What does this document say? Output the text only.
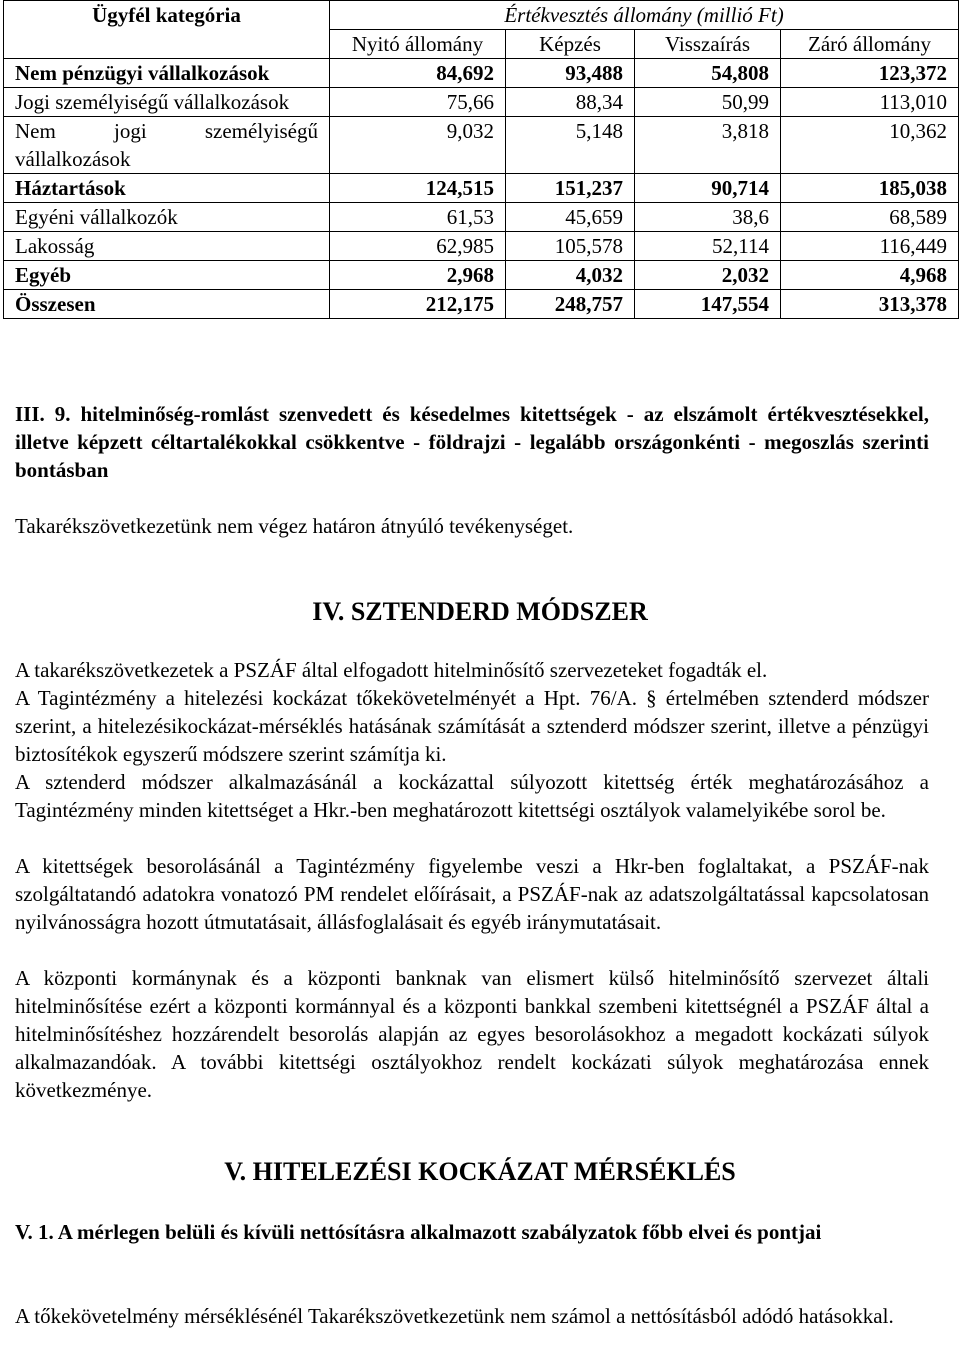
Ügyfél kategória	Értékvesztés állomány (millió Ft)			
	Nyitó állomány	Képzés	Visszaírás	Záró állomány
Nem pénzügyi vállalkozások	84,692	93,488	54,808	123,372
Jogi személyiségű vállalkozások	75,66	88,34	50,99	113,010
Nem jogi személyiségű vállalkozások	9,032	5,148	3,818	10,362
Háztartások	124,515	151,237	90,714	185,038
Egyéni vállalkozók	61,53	45,659	38,6	68,589
Lakosság	62,985	105,578	52,114	116,449
Egyéb	2,968	4,032	2,032	4,968
Összesen	212,175	248,757	147,554	313,378

III. 9. hitelminőség-romlást szenvedett és késedelmes kitettségek - az elszámolt értékvesztésekkel, illetve képzett céltartalékokkal csökkentve - földrajzi - legalább országonkénti - megoszlás szerinti bontásban

Takarékszövetkezetünk nem végez határon átnyúló tevékenységet.

IV. SZTENDERD MÓDSZER

A takarékszövetkezetek a PSZÁF által elfogadott hitelminősítő szervezeteket fogadták el.

A Tagintézmény a hitelezési kockázat tőkekövetelményét a Hpt. 76/A. § értelmében sztenderd módszer szerint, a hitelezésikockázat-mérséklés hatásának számítását a sztenderd módszer szerint, illetve a pénzügyi biztosítékok egyszerű módszere szerint számítja ki.

A sztenderd módszer alkalmazásánál a kockázattal súlyozott kitettség érték meghatározásához a Tagintézmény minden kitettséget a Hkr.-ben meghatározott kitettségi osztályok valamelyikébe sorol be.

A kitettségek besorolásánál a Tagintézmény figyelembe veszi a Hkr-ben foglaltakat, a PSZÁF-nak szolgáltatandó adatokra vonatozó PM rendelet előírásait, a PSZÁF-nak az adatszolgáltatással kapcsolatosan nyilvánosságra hozott útmutatásait, állásfoglalásait és egyéb iránymutatásait.

A központi kormánynak és a központi banknak van elismert külső hitelminősítő szervezet általi hitelminősítése ezért a központi kormánnyal és a központi bankkal szembeni kitettségnél a PSZÁF által a hitelminősítéshez hozzárendelt besorolás alapján az egyes besorolásokhoz a megadott kockázati súlyok alkalmazandóak. A további kitettségi osztályokhoz rendelt kockázati súlyok meghatározása ennek következménye.

V. HITELEZÉSI KOCKÁZAT MÉRSÉKLÉS

V. 1. A mérlegen belüli és kívüli nettósításra alkalmazott szabályzatok főbb elvei és pontjai

A tőkekövetelmény mérséklésénél Takarékszövetkezetünk nem számol a nettósításból adódó hatásokkal.
